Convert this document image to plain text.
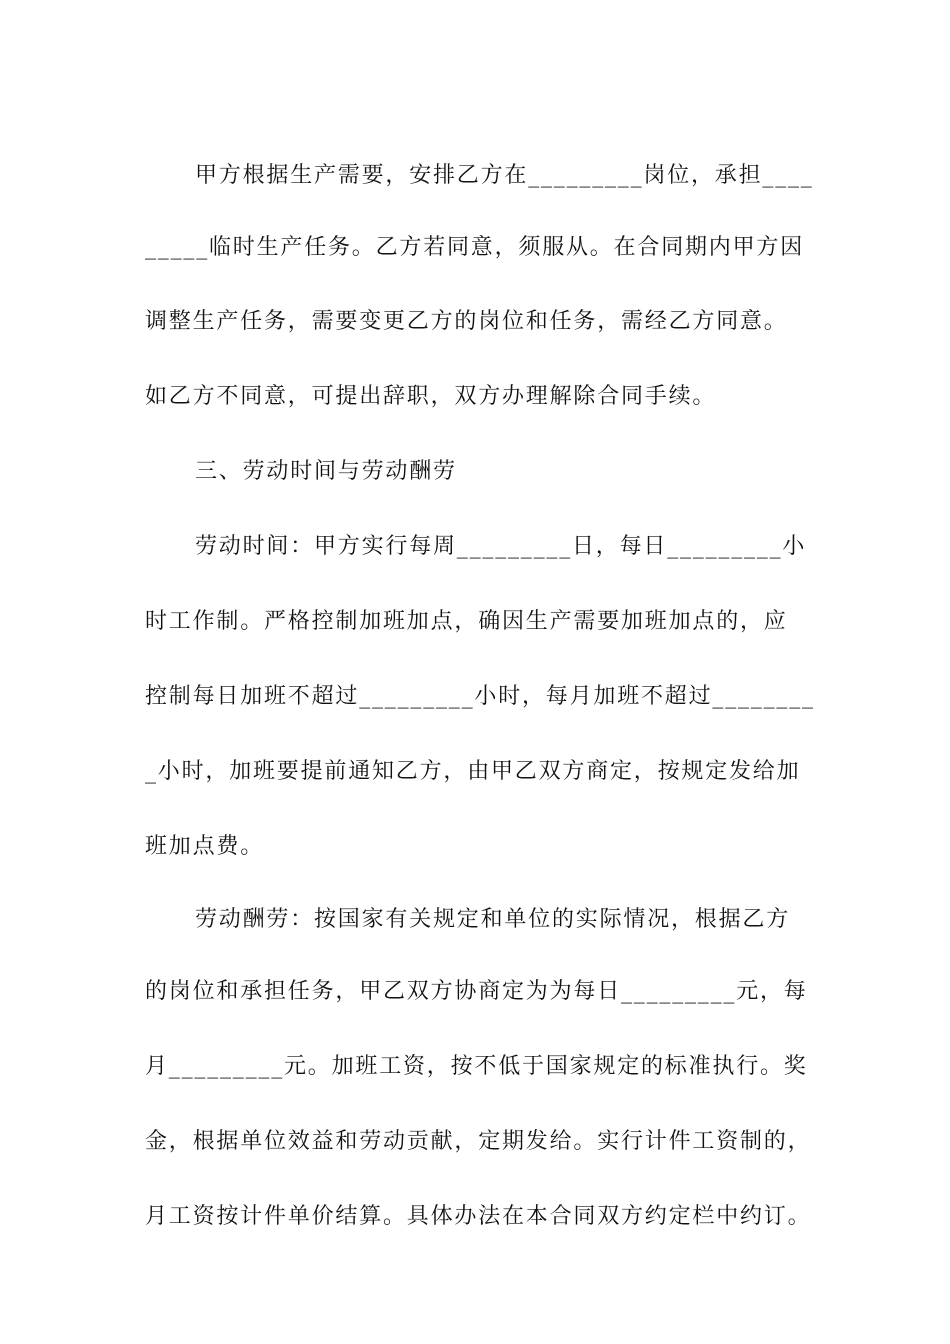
甲方根据生产需要，安排乙方在_________岗位，承担____

_____临时生产任务。乙方若同意，须服从。在合同期内甲方因

调整生产任务，需要变更乙方的岗位和任务，需经乙方同意。

如乙方不同意，可提出辞职，双方办理解除合同手续。

三、劳动时间与劳动酬劳

劳动时间：甲方实行每周_________日，每日_________小

时工作制。严格控制加班加点，确因生产需要加班加点的，应

控制每日加班不超过_________小时，每月加班不超过________

_小时，加班要提前通知乙方，由甲乙双方商定，按规定发给加

班加点费。

劳动酬劳：按国家有关规定和单位的实际情况，根据乙方

的岗位和承担任务，甲乙双方协商定为为每日_________元，每

月_________元。加班工资，按不低于国家规定的标准执行。奖

金，根据单位效益和劳动贡献，定期发给。实行计件工资制的，

月工资按计件单价结算。具体办法在本合同双方约定栏中约订。
